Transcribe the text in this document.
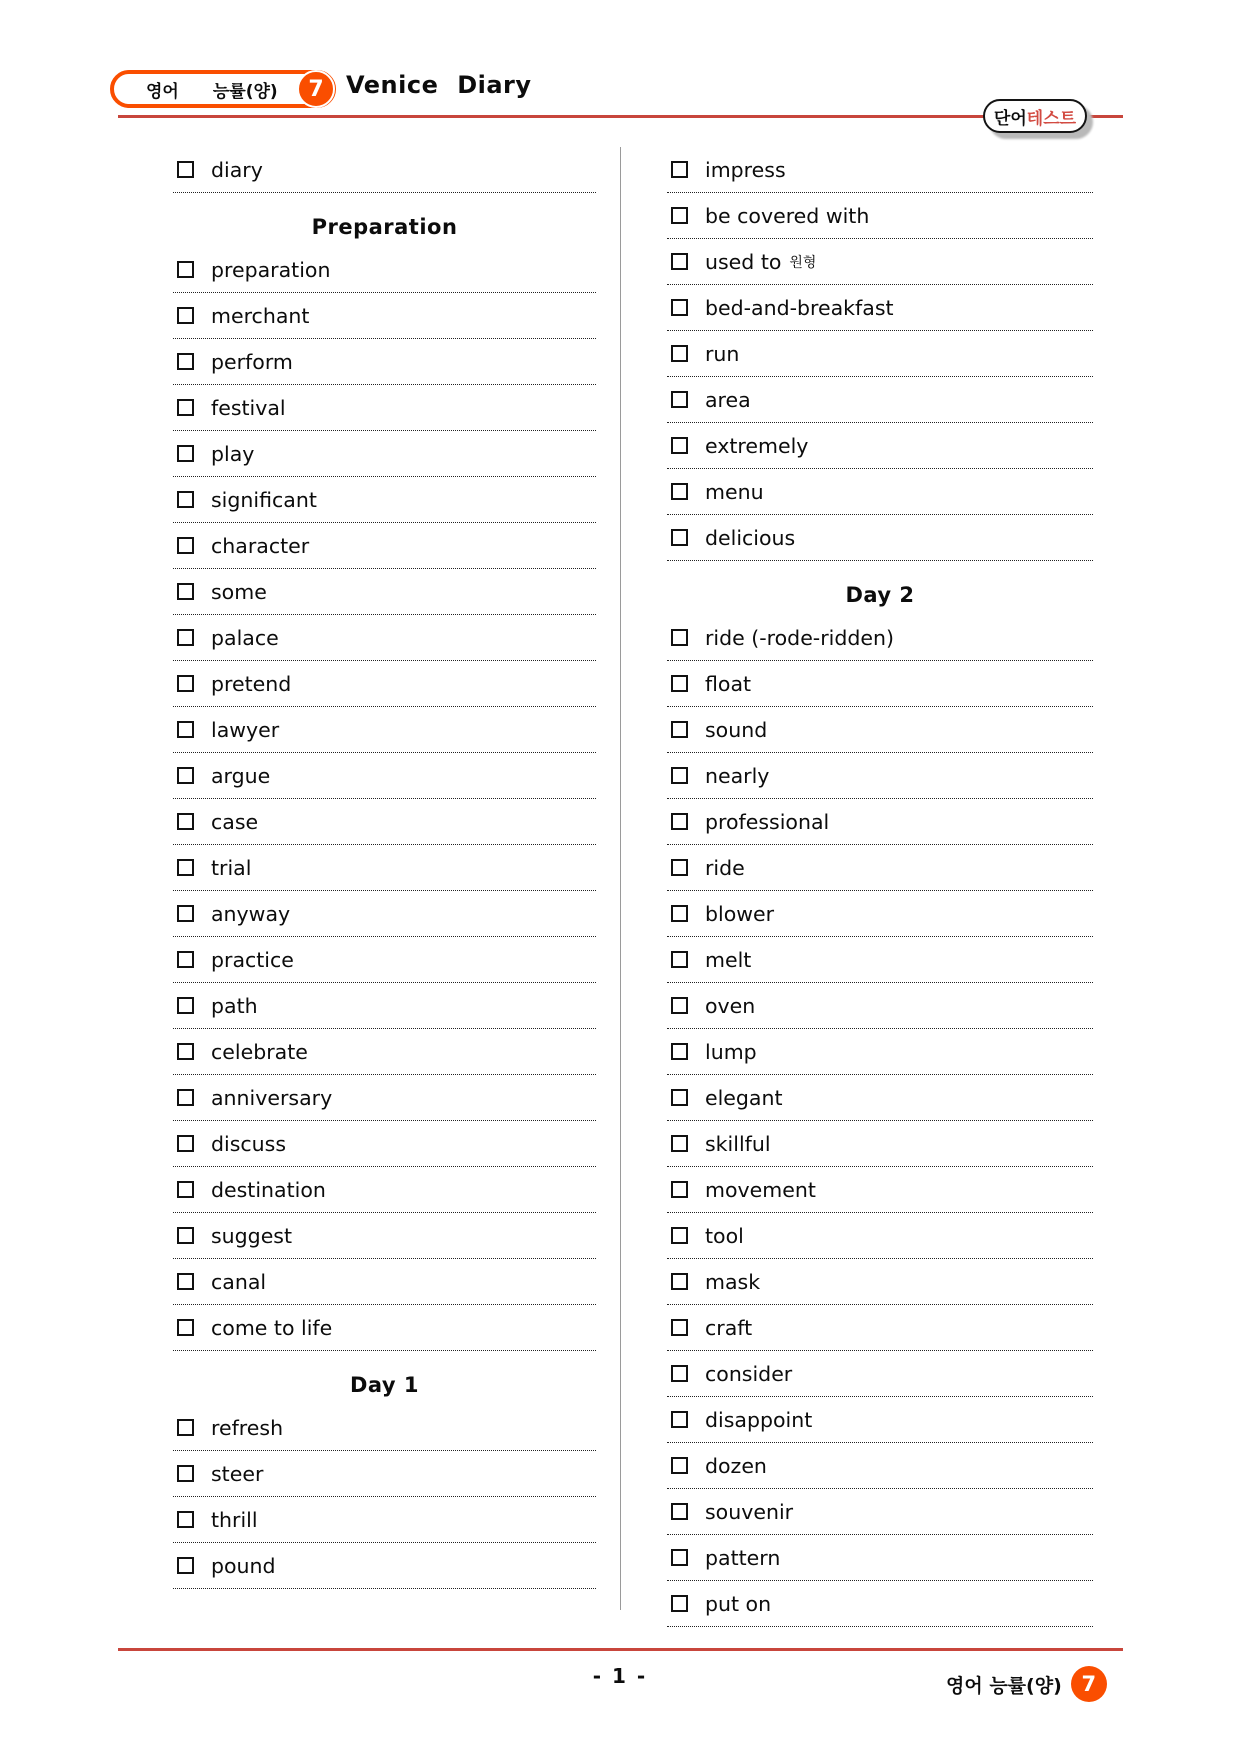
영어 능률(양)	7 Venice Diary
단어 테스트
diary
Preparation
preparation
merchant
perform
festival
play
significant
character
some
palace
pretend
lawyer
argue
case
trial
anyway
practice
path
celebrate
anniversary
discuss
destination
suggest
canal
come to life
Day 1
refresh
steer
thrill
pound
impress
be covered with
used to 원형
bed-and-breakfast
run
area
extremely
menu
delicious
Day 2
ride (-rode-ridden)
float
sound
nearly
professional
ride
blower
melt
oven
lump
elegant
skillful
movement
tool
mask
craft
consider
disappoint
dozen
souvenir
pattern
put on
- 1 -	영어 능률(양) 7
